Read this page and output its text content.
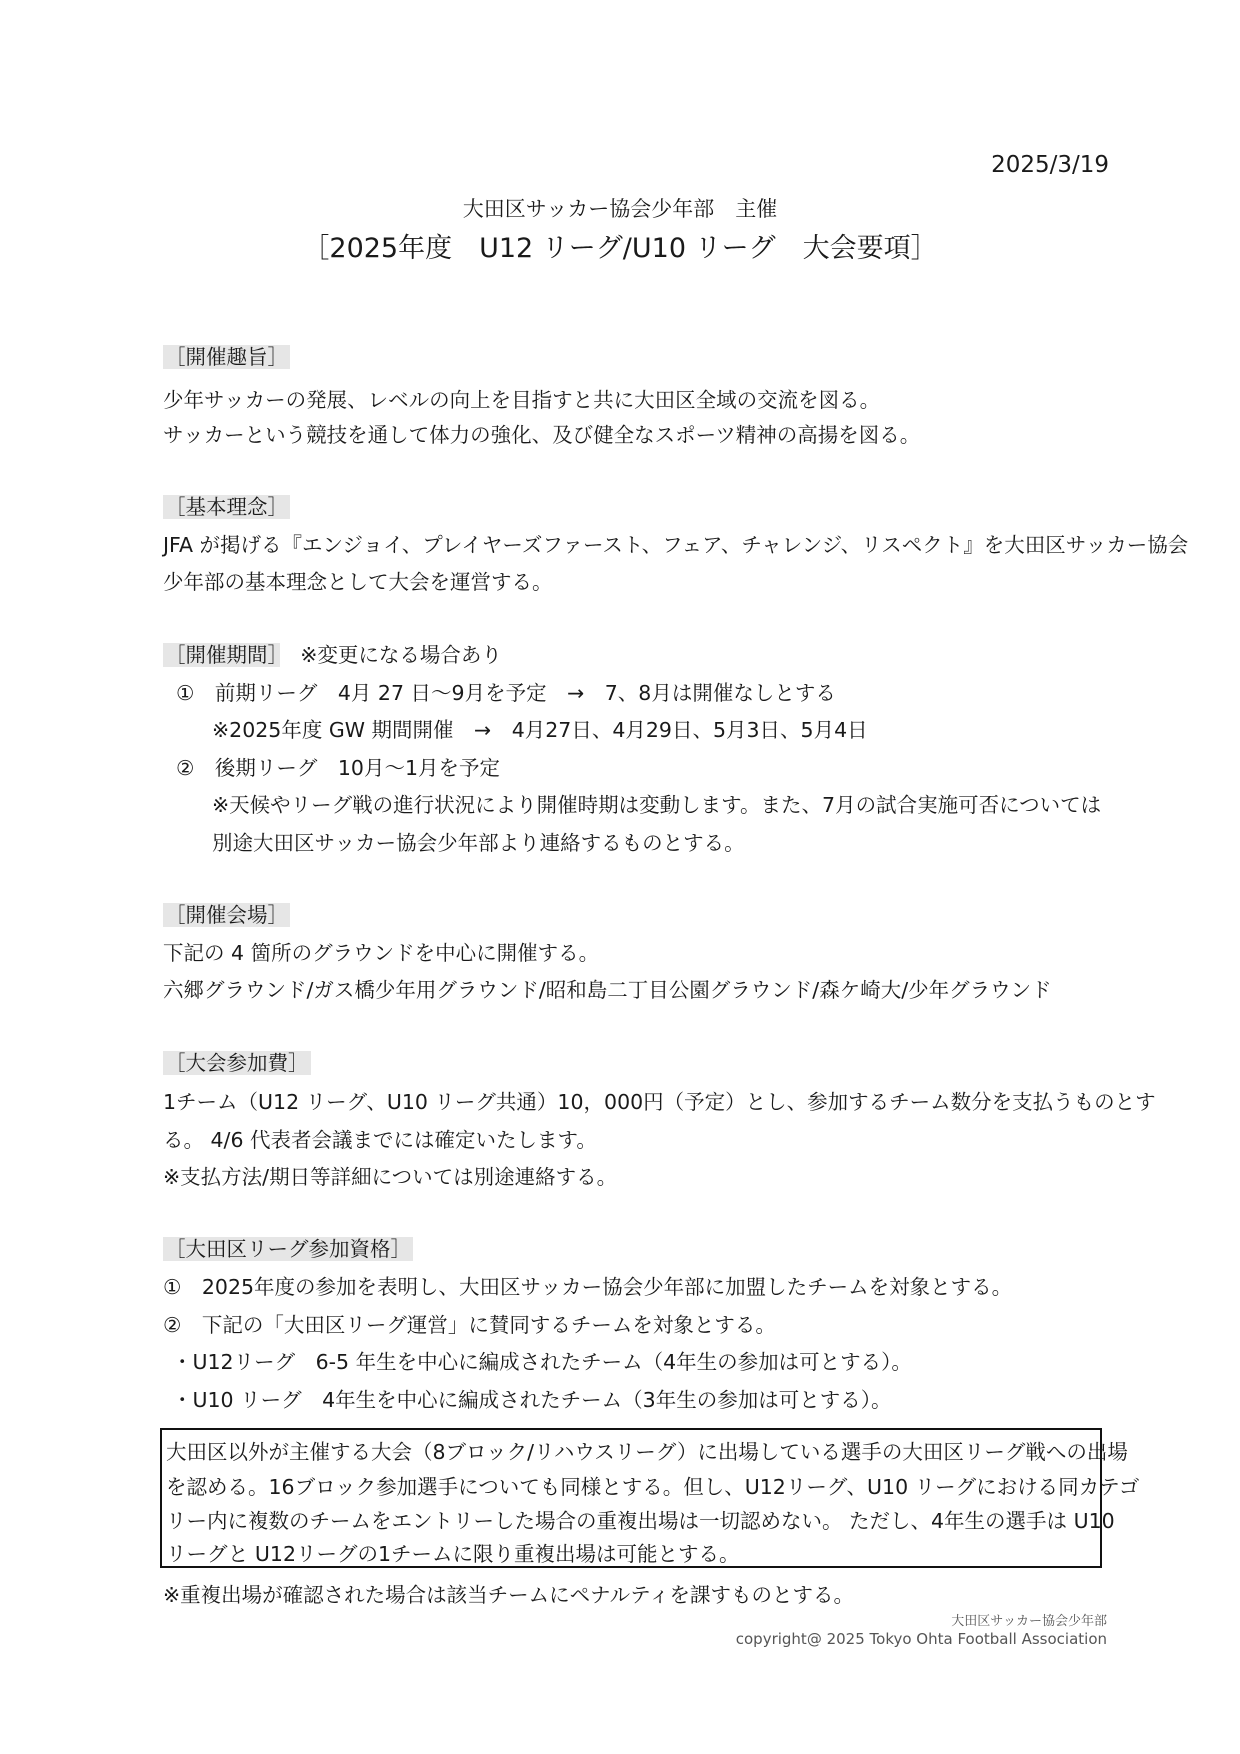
2025/3/19
大田区サッカー協会少年部　主催
［2025年度　U12 リーグ/U10 リーグ　大会要項］
［開催趣旨］
少年サッカーの発展、レベルの向上を目指すと共に大田区全域の交流を図る。
サッカーという競技を通して体力の強化、及び健全なスポーツ精神の高揚を図る。
［基本理念］
JFA が掲げる『エンジョイ、プレイヤーズファースト、フェア、チャレンジ、リスペクト』を大田区サッカー協会
少年部の基本理念として大会を運営する。
［開催期間］　 ※変更になる場合あり
①　前期リーグ　4月 27 日～9月を予定　→　7、8月は開催なしとする
※2025年度 GW 期間開催　→　4月27日、4月29日、5月3日、5月4日
②　後期リーグ　10月～1月を予定
※天候やリーグ戦の進行状況により開催時期は変動します。また、7月の試合実施可否については
別途大田区サッカー協会少年部より連絡するものとする。
［開催会場］
下記の 4 箇所のグラウンドを中心に開催する。
六郷グラウンド/ガス橋少年用グラウンド/昭和島二丁目公園グラウンド/森ケ崎大/少年グラウンド
［大会参加費］
1チーム（U12 リーグ、U10 リーグ共通）10，000円（予定）とし、参加するチーム数分を支払うものとす
る。 4/6 代表者会議までには確定いたします。
※支払方法/期日等詳細については別途連絡する。
［大田区リーグ参加資格］
①　2025年度の参加を表明し、大田区サッカー協会少年部に加盟したチームを対象とする。
②　下記の「大田区リーグ運営」に賛同するチームを対象とする。
・U12リーグ　6-5 年生を中心に編成されたチーム（4年生の参加は可とする）。
・U10 リーグ　4年生を中心に編成されたチーム（3年生の参加は可とする）。
大田区以外が主催する大会（8ブロック/リハウスリーグ）に出場している選手の大田区リーグ戦への出場
を認める。16ブロック参加選手についても同様とする。但し、U12リーグ、U10 リーグにおける同カテゴ
リー内に複数のチームをエントリーした場合の重複出場は一切認めない。 ただし、4年生の選手は U10
リーグと U12リーグの1チームに限り重複出場は可能とする。
※重複出場が確認された場合は該当チームにペナルティを課すものとする。
大田区サッカー協会少年部
copyright@ 2025 Tokyo Ohta Football Association
